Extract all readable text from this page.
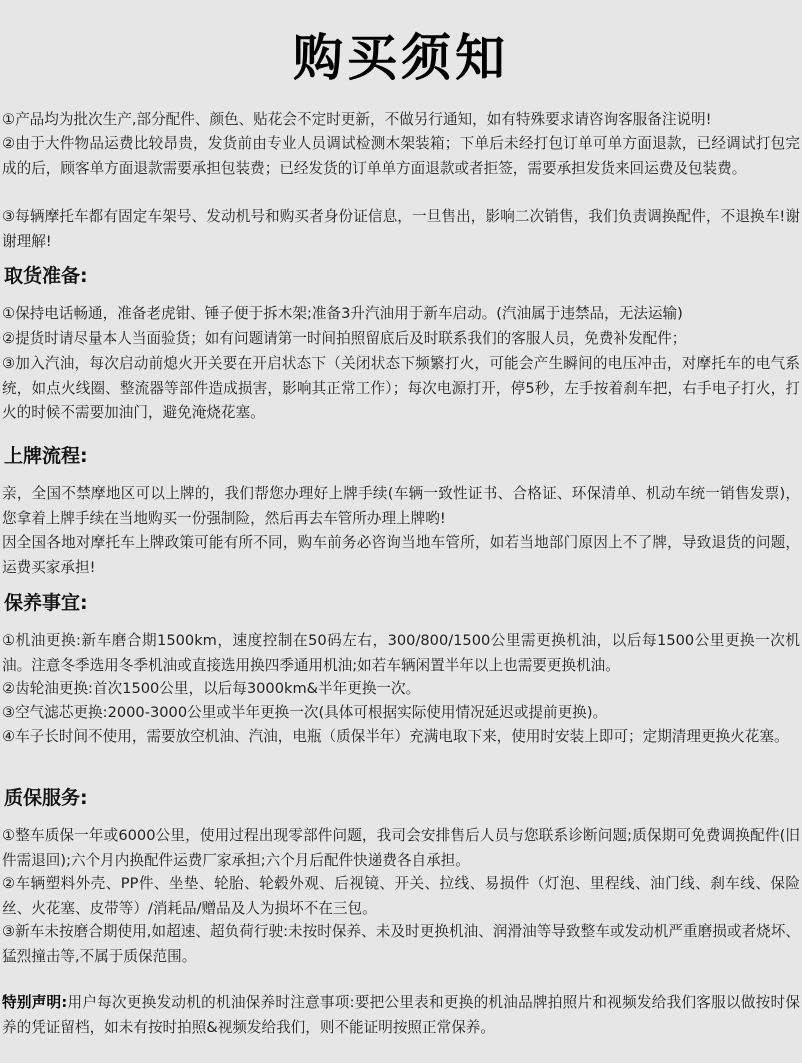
购买须知

①产品均为批次生产,部分配件、颜色、贴花会不定时更新，不做另行通知，如有特殊要求请咨询客服备注说明!

②由于大件物品运费比较昂贵，发货前由专业人员调试检测木架装箱；下单后未经打包订单可单方面退款，已经调试打包完成的后，顾客单方面退款需要承担包装费；已经发货的订单单方面退款或者拒签，需要承担发货来回运费及包装费。

③每辆摩托车都有固定车架号、发动机号和购买者身份证信息，一旦售出，影响二次销售，我们负责调换配件，不退换车!谢谢理解!

取货准备:

①保持电话畅通，准备老虎钳、锤子便于拆木架;准备3升汽油用于新车启动。(汽油属于违禁品，无法运输)

②提货时请尽量本人当面验货；如有问题请第一时间拍照留底后及时联系我们的客服人员，免费补发配件；

③加入汽油，每次启动前熄火开关要在开启状态下（关闭状态下频繁打火，可能会产生瞬间的电压冲击，对摩托车的电气系统，如点火线圈、整流器等部件造成损害，影响其正常工作）；每次电源打开，停5秒，左手按着刹车把，右手电子打火，打火的时候不需要加油门，避免淹烧花塞。

上牌流程:

亲，全国不禁摩地区可以上牌的，我们帮您办理好上牌手续(车辆一致性证书、合格证、环保清单、机动车统一销售发票)，您拿着上牌手续在当地购买一份强制险，然后再去车管所办理上牌哟!

因全国各地对摩托车上牌政策可能有所不同，购车前务必咨询当地车管所，如若当地部门原因上不了牌，导致退货的问题，运费买家承担!

保养事宜:

①机油更换:新车磨合期1500km，速度控制在50码左右，300/800/1500公里需更换机油，以后每1500公里更换一次机油。注意冬季选用冬季机油或直接选用换四季通用机油;如若车辆闲置半年以上也需要更换机油。

②齿轮油更换:首次1500公里，以后每3000km&半年更换一次。

③空气滤芯更换:2000-3000公里或半年更换一次(具体可根据实际使用情况延迟或提前更换)。

④车子长时间不使用，需要放空机油、汽油，电瓶（质保半年）充满电取下来，使用时安装上即可；定期清理更换火花塞。

质保服务:

①整车质保一年或6000公里，使用过程出现零部件问题，我司会安排售后人员与您联系诊断问题;质保期可免费调换配件(旧件需退回);六个月内换配件运费厂家承担;六个月后配件快递费各自承担。

②车辆塑料外壳、PP件、坐垫、轮胎、轮毂外观、后视镜、开关、拉线、易损件（灯泡、里程线、油门线、刹车线、保险丝、火花塞、皮带等）/消耗品/赠品及人为损坏不在三包。

③新车未按磨合期使用,如超速、超负荷行驶:未按时保养、未及时更换机油、润滑油等导致整车或发动机严重磨损或者烧坏、猛烈撞击等,不属于质保范围。

特别声明:用户每次更换发动机的机油保养时注意事项:要把公里表和更换的机油品牌拍照片和视频发给我们客服以做按时保养的凭证留档，如未有按时拍照&视频发给我们，则不能证明按照正常保养。
